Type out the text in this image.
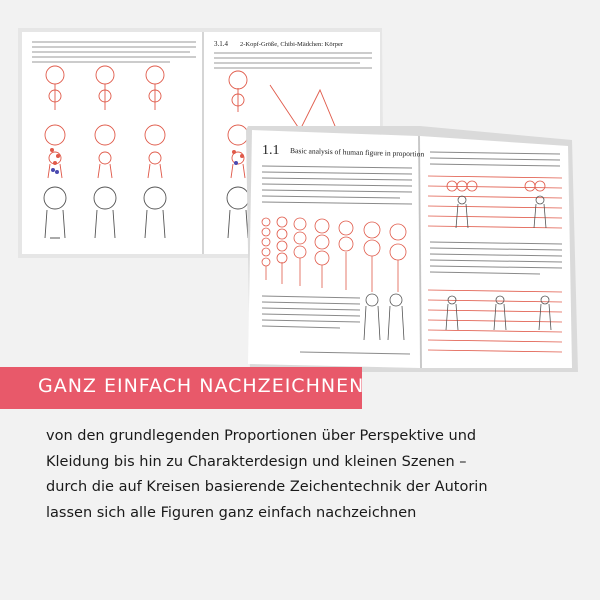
3.1.4 2-Kopf-Größe, Chibi-Mädchen: Körper
1.1 Basic analysis of human figure in proportion
GANZ EINFACH NACHZEICHNEN

von den grundlegenden Proportionen über Perspektive und
Kleidung bis hin zu Charakterdesign und kleinen Szenen –
durch die auf Kreisen basierende Zeichentechnik der Autorin
lassen sich alle Figuren ganz einfach nachzeichnen
